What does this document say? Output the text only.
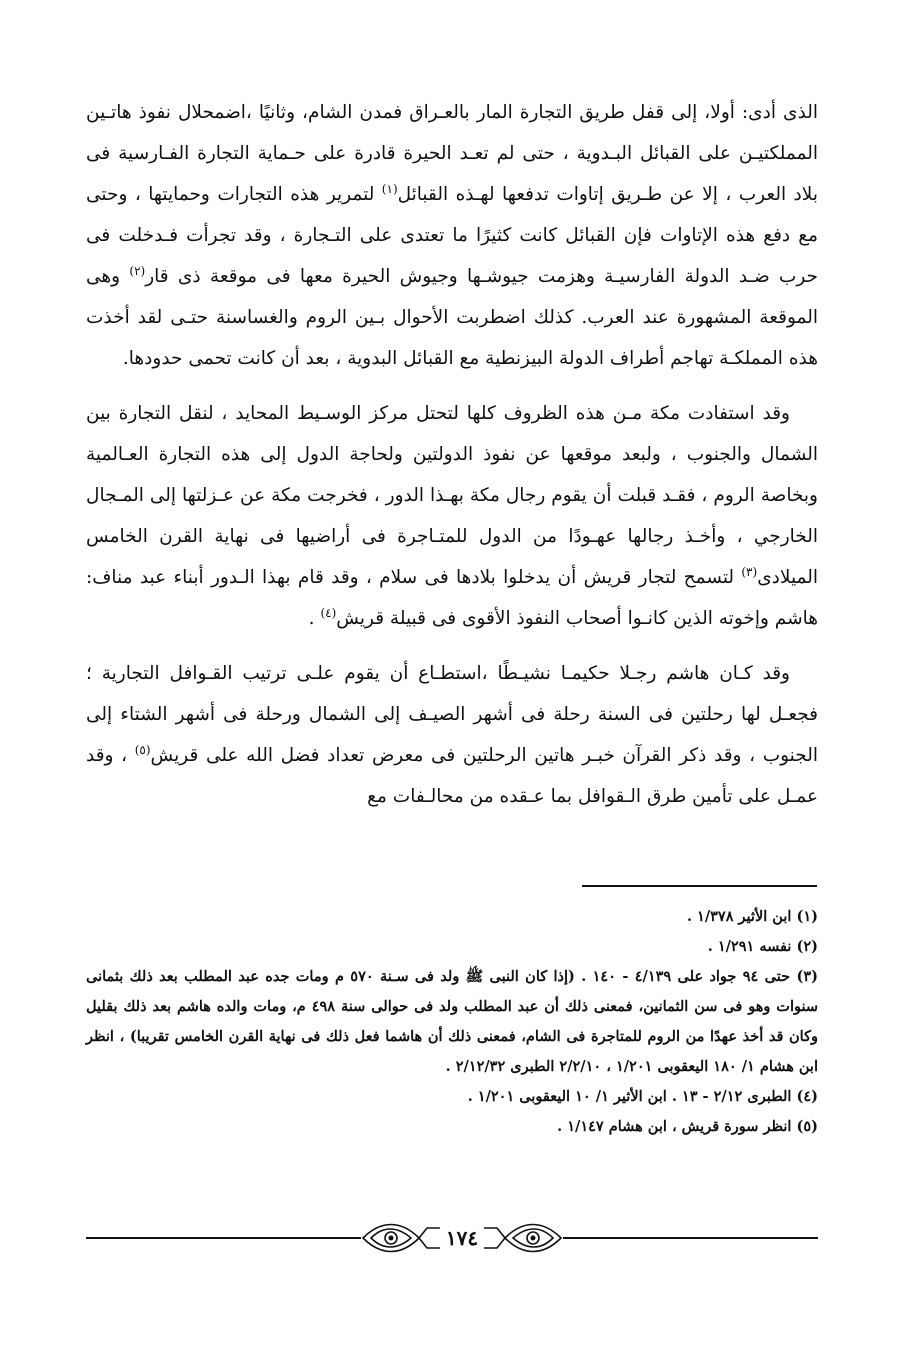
الذى أدى: أولا، إلى قفل طريق التجارة المار بالعـراق فمدن الشام، وثانيًا ،اضمحلال نفوذ هاتـين المملكتيـن على القبائل البـدوية ، حتى لم تعـد الحيرة قادرة على حـماية التجارة الفـارسية فى بلاد العرب ، إلا عن طـريق إتاوات تدفعها لهـذه القبائل$^{(١)}$ لتمرير هذه التجارات وحمايتها ، وحتى مع دفع هذه الإتاوات فإن القبائل كانت كثيرًا ما تعتدى على التـجارة ، وقد تجرأت فـدخلت فى حرب ضـد الدولة الفارسيـة وهزمت جيوشـها وجيوش الحيرة معها فى موقعة ذى قار$^{(٢)}$ وهى الموقعة المشهورة عند العرب. كذلك اضطربت الأحوال بـين الروم والغساسنة حتـى لقد أخذت هذه المملكـة تهاجم أطراف الدولة البيزنطية مع القبائل البدوية ، بعد أن كانت تحمى حدودها.

وقد استفادت مكة مـن هذه الظروف كلها لتحتل مركز الوسـيط المحايد ، لنقل التجارة بين الشمال والجنوب ، ولبعد موقعها عن نفوذ الدولتين ولحاجة الدول إلى هذه التجارة العـالمية وبخاصة الروم ، فقـد قبلت أن يقوم رجال مكة بهـذا الدور ، فخرجت مكة عن عـزلتها إلى المـجال الخارجي ، وأخـذ رجالها عهـودًا من الدول للمتـاجرة فى أراضيها فى نهاية القرن الخامس الميلادى$^{(٣)}$ لتسمح لتجار قريش أن يدخلوا بلادها فى سلام ، وقد قام بهذا الـدور أبناء عبد مناف: هاشم وإخوته الذين كانـوا أصحاب النفوذ الأقوى فى قبيلة قريش$^{(٤)}$ .

وقد كـان هاشم رجـلا حكيمـا نشيـطًا ،استطـاع أن يقوم علـى ترتيب القـوافل التجارية ؛ فجعـل لها رحلتين فى السنة رحلة فى أشهر الصيـف إلى الشمال ورحلة فى أشهر الشتاء إلى الجنوب ، وقد ذكر القرآن خبـر هاتين الرحلتين فى معرض تعداد فضل الله على قريش$^{(٥)}$ ، وقد عمـل على تأمين طرق الـقوافل بما عـقده من محالـفات مع

(١) ابن الأثير ١/٣٧٨ .

(٢) نفسه ١/٢٩١ .

(٣) حتى ٩٤ جواد على ٤/١٣٩ - ١٤٠ . (إذا كان النبى ﷺ ولد فى سـنة ٥٧٠ م ومات جده عبد المطلب بعد ذلك بثمانى سنوات وهو فى سن الثمانين، فمعنى ذلك أن عبد المطلب ولد فى حوالى سنة ٤٩٨ م، ومات والده هاشم بعد ذلك بقليل وكان قد أخذ عهدًا من الروم للمتاجرة فى الشام، فمعنى ذلك أن هاشما فعل ذلك فى نهاية القرن الخامس تقريبا) ، انظر ابن هشام ١/ ١٨٠ اليعقوبى ١/٢٠١ ، ٢/٢/١٠ الطبرى ٢/١٢/٣٢ .

(٤) الطبرى ٢/١٢ - ١٣ . ابن الأثير ١/ ١٠ اليعقوبى ١/٢٠١ .

(٥) انظر سورة قريش ، ابن هشام ١/١٤٧ .

١٧٤
